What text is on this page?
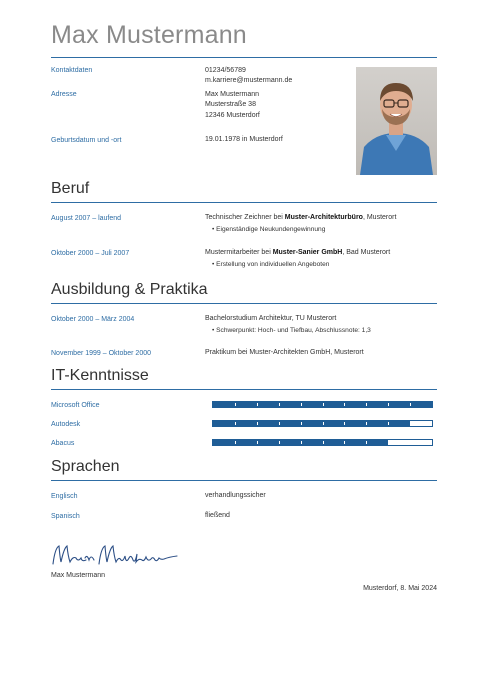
Max Mustermann
Kontaktdaten	01234/56789
m.karriere@mustermann.de
Adresse	Max Mustermann
Musterstraße 38
12346 Musterdorf
Geburtsdatum und -ort	19.01.1978 in Musterdorf
Beruf
August 2007 – laufend	Technischer Zeichner bei Muster-Architekturbüro, Musterort
• Eigenständige Neukundengewinnung
Oktober 2000 – Juli 2007	Mustermitarbeiter bei Muster-Sanier GmbH, Bad Musterort
• Erstellung von individuellen Angeboten
Ausbildung & Praktika
Oktober 2000 – März 2004	Bachelorstudium Architektur, TU Musterort
• Schwerpunkt: Hoch- und Tiefbau, Abschlussnote: 1,3
November 1999 – Oktober 2000	Praktikum bei Muster-Architekten GmbH, Musterort
IT-Kenntnisse
Microsoft Office
Autodesk
Abacus
Sprachen
Englisch	verhandlungssicher
Spanisch	fließend
Max Mustermann
Musterdorf, 8. Mai 2024
